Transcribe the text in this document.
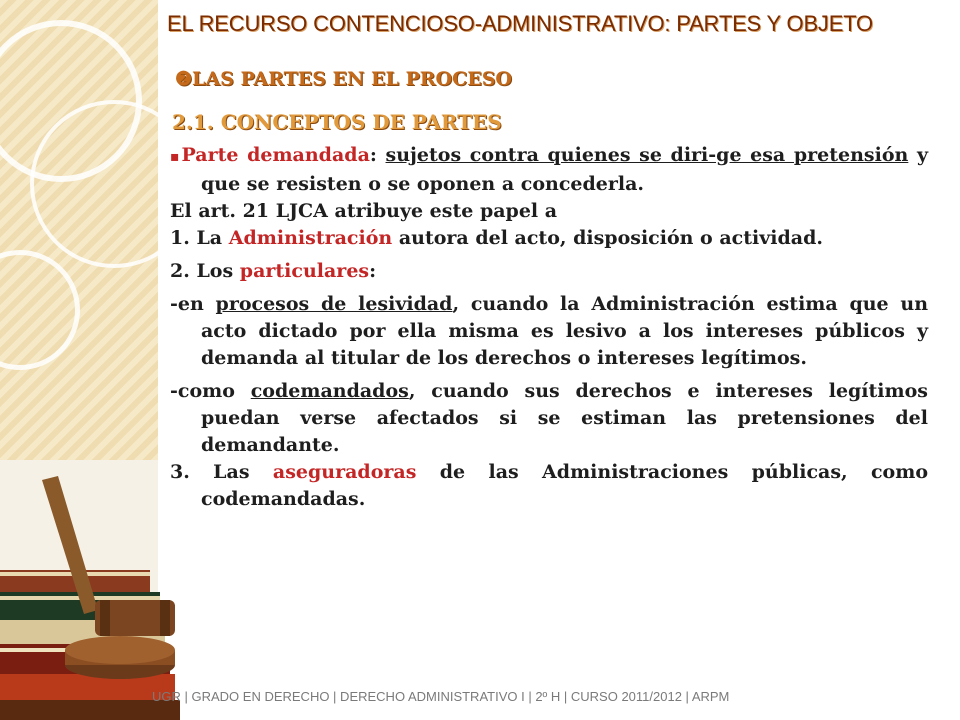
EL RECURSO CONTENCIOSO-ADMINISTRATIVO: PARTES Y OBJETO
❷LAS PARTES EN EL PROCESO
2.1. CONCEPTOS DE PARTES

▪Parte demandada: sujetos contra quienes se diri-ge esa pretensión y que se resisten o se oponen a concederla.

El art. 21 LJCA atribuye este papel a

1. La Administración autora del acto, disposición o actividad.

2. Los particulares:

-en procesos de lesividad, cuando la Administración estima que un acto dictado por ella misma es lesivo a los intereses públicos y demanda al titular de los derechos o intereses legítimos.

-como codemandados, cuando sus derechos e intereses legítimos puedan verse afectados si se estiman las pretensiones del demandante.

3. Las aseguradoras de las Administraciones públicas, como codemandadas.

UGR | GRADO EN DERECHO | DERECHO ADMINISTRATIVO I | 2º H | CURSO 2011/2012 | ARPM
